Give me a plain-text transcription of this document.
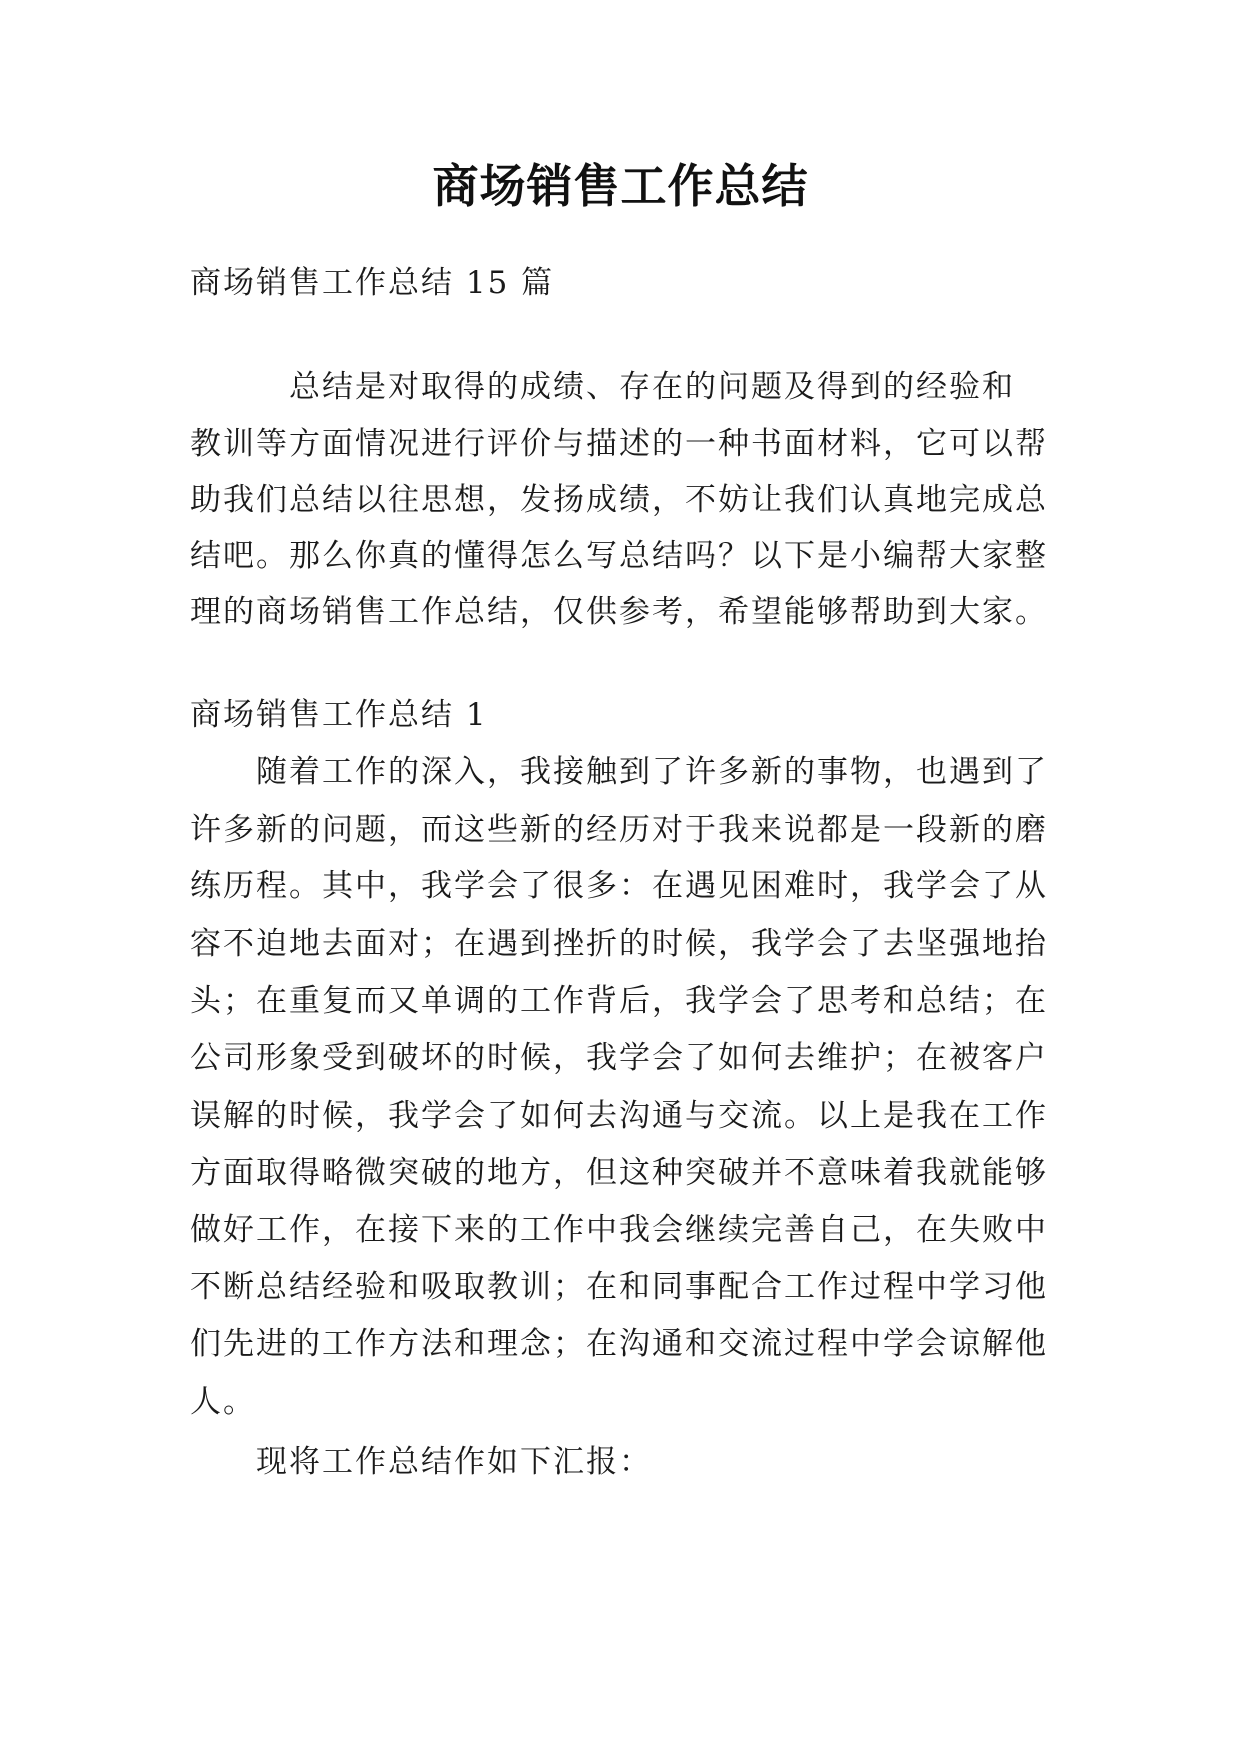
商场销售工作总结
商场销售工作总结 15 篇
　　　总结是对取得的成绩、存在的问题及得到的经验和
教训等方面情况进行评价与描述的一种书面材料，它可以帮
助我们总结以往思想，发扬成绩，不妨让我们认真地完成总
结吧。那么你真的懂得怎么写总结吗？以下是小编帮大家整
理的商场销售工作总结，仅供参考，希望能够帮助到大家。
商场销售工作总结 1
　　随着工作的深入，我接触到了许多新的事物，也遇到了
许多新的问题，而这些新的经历对于我来说都是一段新的磨
练历程。其中，我学会了很多：在遇见困难时，我学会了从
容不迫地去面对；在遇到挫折的时候，我学会了去坚强地抬
头；在重复而又单调的工作背后，我学会了思考和总结；在
公司形象受到破坏的时候，我学会了如何去维护；在被客户
误解的时候，我学会了如何去沟通与交流。以上是我在工作
方面取得略微突破的地方，但这种突破并不意味着我就能够
做好工作，在接下来的工作中我会继续完善自己，在失败中
不断总结经验和吸取教训；在和同事配合工作过程中学习他
们先进的工作方法和理念；在沟通和交流过程中学会谅解他
人。
　　现将工作总结作如下汇报：
